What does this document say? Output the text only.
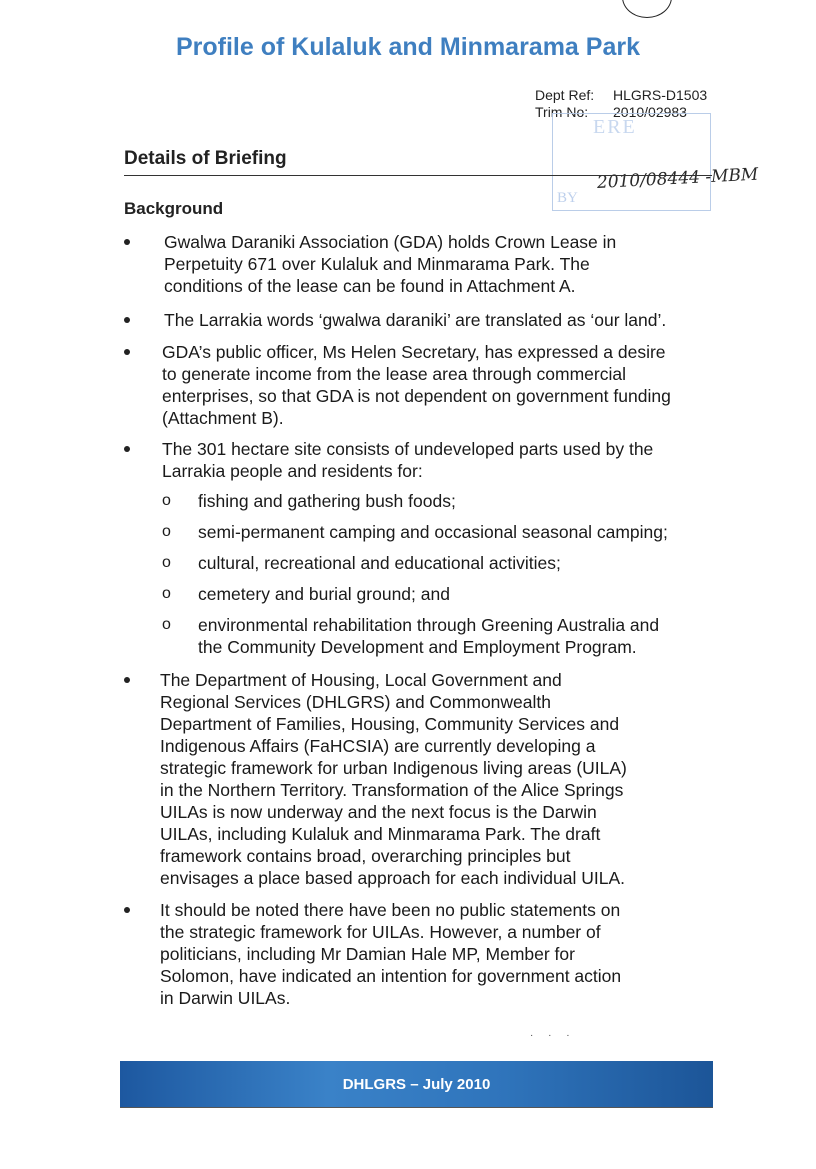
Profile of Kulaluk and Minmarama Park
Dept Ref: HLGRS-D1503
Trim No: 2010/02983
ERE
BY
2010/08444 -MBM
Details of Briefing
Background
Gwalwa Daraniki Association (GDA) holds Crown Lease in
Perpetuity 671 over Kulaluk and Minmarama Park. The
conditions of the lease can be found in Attachment A.
The Larrakia words ‘gwalwa daraniki’ are translated as ‘our land’.
GDA’s public officer, Ms Helen Secretary, has expressed a desire
to generate income from the lease area through commercial
enterprises, so that GDA is not dependent on government funding
(Attachment B).
The 301 hectare site consists of undeveloped parts used by the
Larrakia people and residents for:
o fishing and gathering bush foods;
o semi-permanent camping and occasional seasonal camping;
o cultural, recreational and educational activities;
o cemetery and burial ground; and
o environmental rehabilitation through Greening Australia and
the Community Development and Employment Program.
The Department of Housing, Local Government and
Regional Services (DHLGRS) and Commonwealth
Department of Families, Housing, Community Services and
Indigenous Affairs (FaHCSIA) are currently developing a
strategic framework for urban Indigenous living areas (UILA)
in the Northern Territory. Transformation of the Alice Springs
UILAs is now underway and the next focus is the Darwin
UILAs, including Kulaluk and Minmarama Park. The draft
framework contains broad, overarching principles but
envisages a place based approach for each individual UILA.
It should be noted there have been no public statements on
the strategic framework for UILAs. However, a number of
politicians, including Mr Damian Hale MP, Member for
Solomon, have indicated an intention for government action
in Darwin UILAs.
· · ·
DHLGRS – July 2010
